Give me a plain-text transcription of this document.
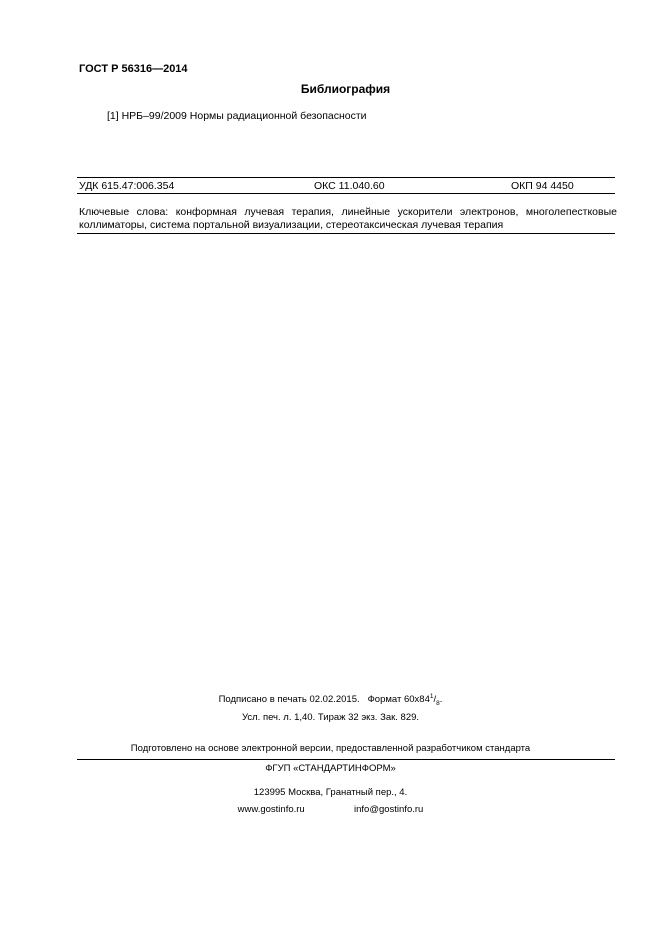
ГОСТ Р 56316—2014
Библиография
[1] НРБ–99/2009 Нормы радиационной безопасности
УДК 615.47:006.354	ОКС 11.040.60	ОКП 94 4450
Ключевые слова: конформная лучевая терапия, линейные ускорители электронов, многолепестковые коллиматоры, система портальной визуализации, стереотаксическая лучевая терапия
Подписано в печать 02.02.2015. Формат $60x84^1/_8$.
Усл. печ. л. 1,40. Тираж 32 экз. Зак. 829.
Подготовлено на основе электронной версии, предоставленной разработчиком стандарта
ФГУП «СТАНДАРТИНФОРМ»
123995 Москва, Гранатный пер., 4.
www.gostinfo.ru	info@gostinfo.ru
